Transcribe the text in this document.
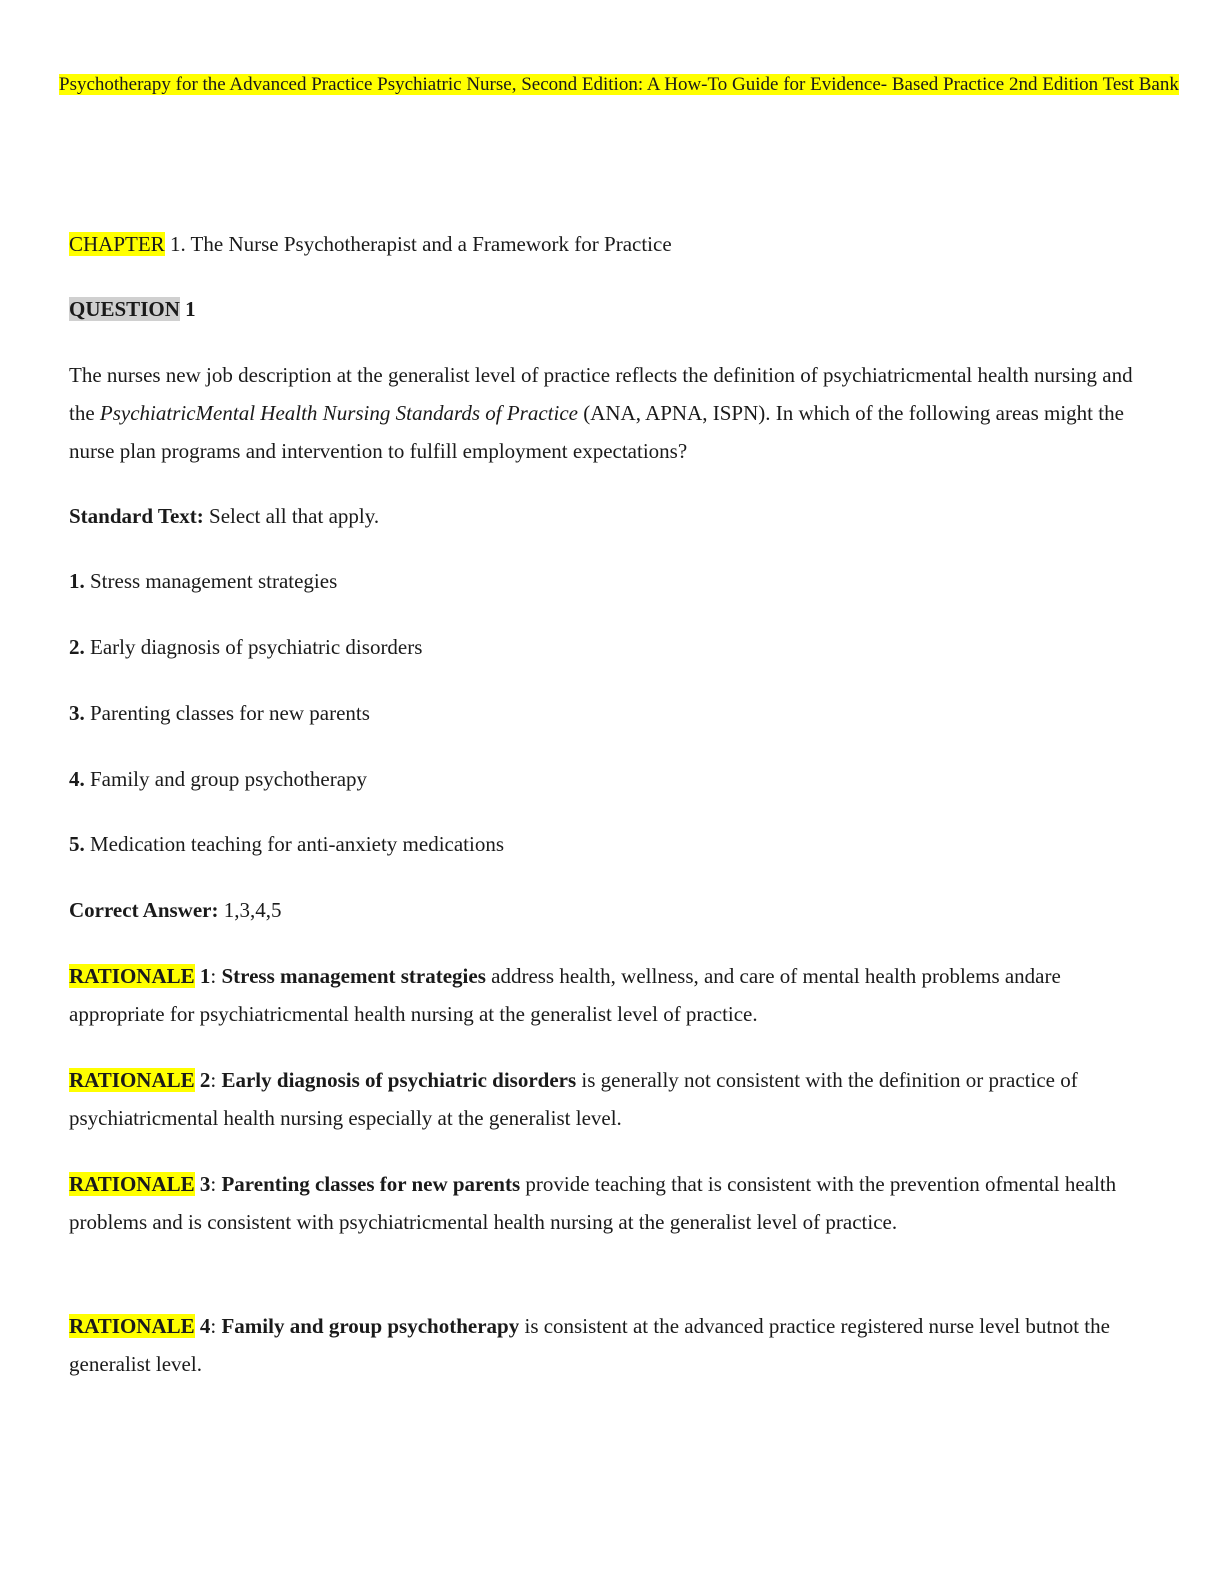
Psychotherapy for the Advanced Practice Psychiatric Nurse, Second Edition: A How-To Guide for Evidence- Based Practice 2nd Edition Test Bank
CHAPTER 1. The Nurse Psychotherapist and a Framework for Practice
QUESTION 1
The nurses new job description at the generalist level of practice reflects the definition of psychiatricmental health nursing and the PsychiatricMental Health Nursing Standards of Practice (ANA, APNA, ISPN). In which of the following areas might the nurse plan programs and intervention to fulfill employment expectations?
Standard Text: Select all that apply.
1. Stress management strategies
2. Early diagnosis of psychiatric disorders
3. Parenting classes for new parents
4. Family and group psychotherapy
5. Medication teaching for anti-anxiety medications
Correct Answer: 1,3,4,5
RATIONALE 1: Stress management strategies address health, wellness, and care of mental health problems andare appropriate for psychiatricmental health nursing at the generalist level of practice.
RATIONALE 2: Early diagnosis of psychiatric disorders is generally not consistent with the definition or practice of psychiatricmental health nursing especially at the generalist level.
RATIONALE 3: Parenting classes for new parents provide teaching that is consistent with the prevention ofmental health problems and is consistent with psychiatricmental health nursing at the generalist level of practice.
RATIONALE 4: Family and group psychotherapy is consistent at the advanced practice registered nurse level butnot the generalist level.
